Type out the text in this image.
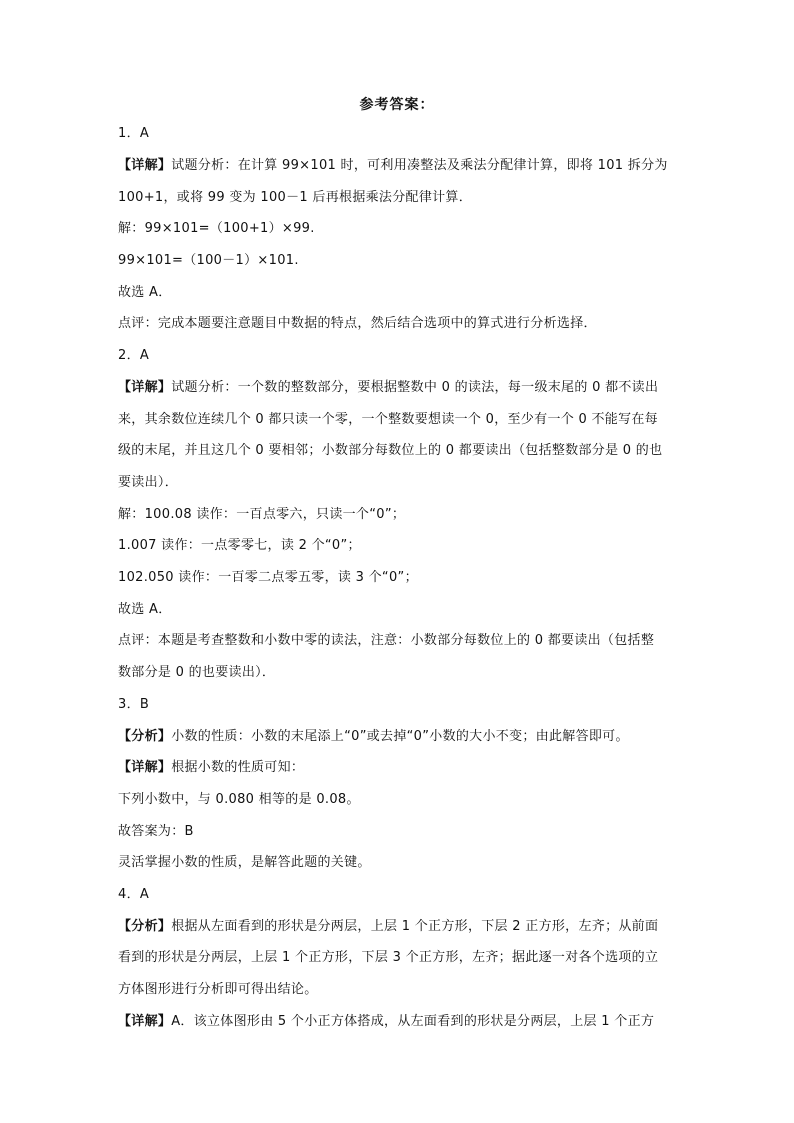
参考答案：
1．A
【详解】试题分析：在计算 99×101 时，可利用凑整法及乘法分配律计算，即将 101 拆分为
100+1，或将 99 变为 100－1 后再根据乘法分配律计算．
解：99×101=（100+1）×99.
99×101=（100－1）×101.
故选 A．
点评：完成本题要注意题目中数据的特点，然后结合选项中的算式进行分析选择．
2．A
【详解】试题分析：一个数的整数部分，要根据整数中 0 的读法，每一级末尾的 0 都不读出
来，其余数位连续几个 0 都只读一个零，一个整数要想读一个 0，至少有一个 0 不能写在每
级的末尾，并且这几个 0 要相邻；小数部分每数位上的 0 都要读出（包括整数部分是 0 的也
要读出）．
解：100.08 读作：一百点零六，只读一个“0”；
1.007 读作：一点零零七，读 2 个“0”；
102.050 读作：一百零二点零五零，读 3 个“0”；
故选 A．
点评：本题是考查整数和小数中零的读法，注意：小数部分每数位上的 0 都要读出（包括整
数部分是 0 的也要读出）．
3．B
【分析】小数的性质：小数的末尾添上“0”或去掉“0”小数的大小不变；由此解答即可。
【详解】根据小数的性质可知：
下列小数中，与 0.080 相等的是 0.08。
故答案为：B
灵活掌握小数的性质，是解答此题的关键。
4．A
【分析】根据从左面看到的形状是分两层，上层 1 个正方形，下层 2 正方形，左齐；从前面
看到的形状是分两层，上层 1 个正方形，下层 3 个正方形，左齐；据此逐一对各个选项的立
方体图形进行分析即可得出结论。
【详解】A．该立体图形由 5 个小正方体搭成，从左面看到的形状是分两层，上层 1 个正方
